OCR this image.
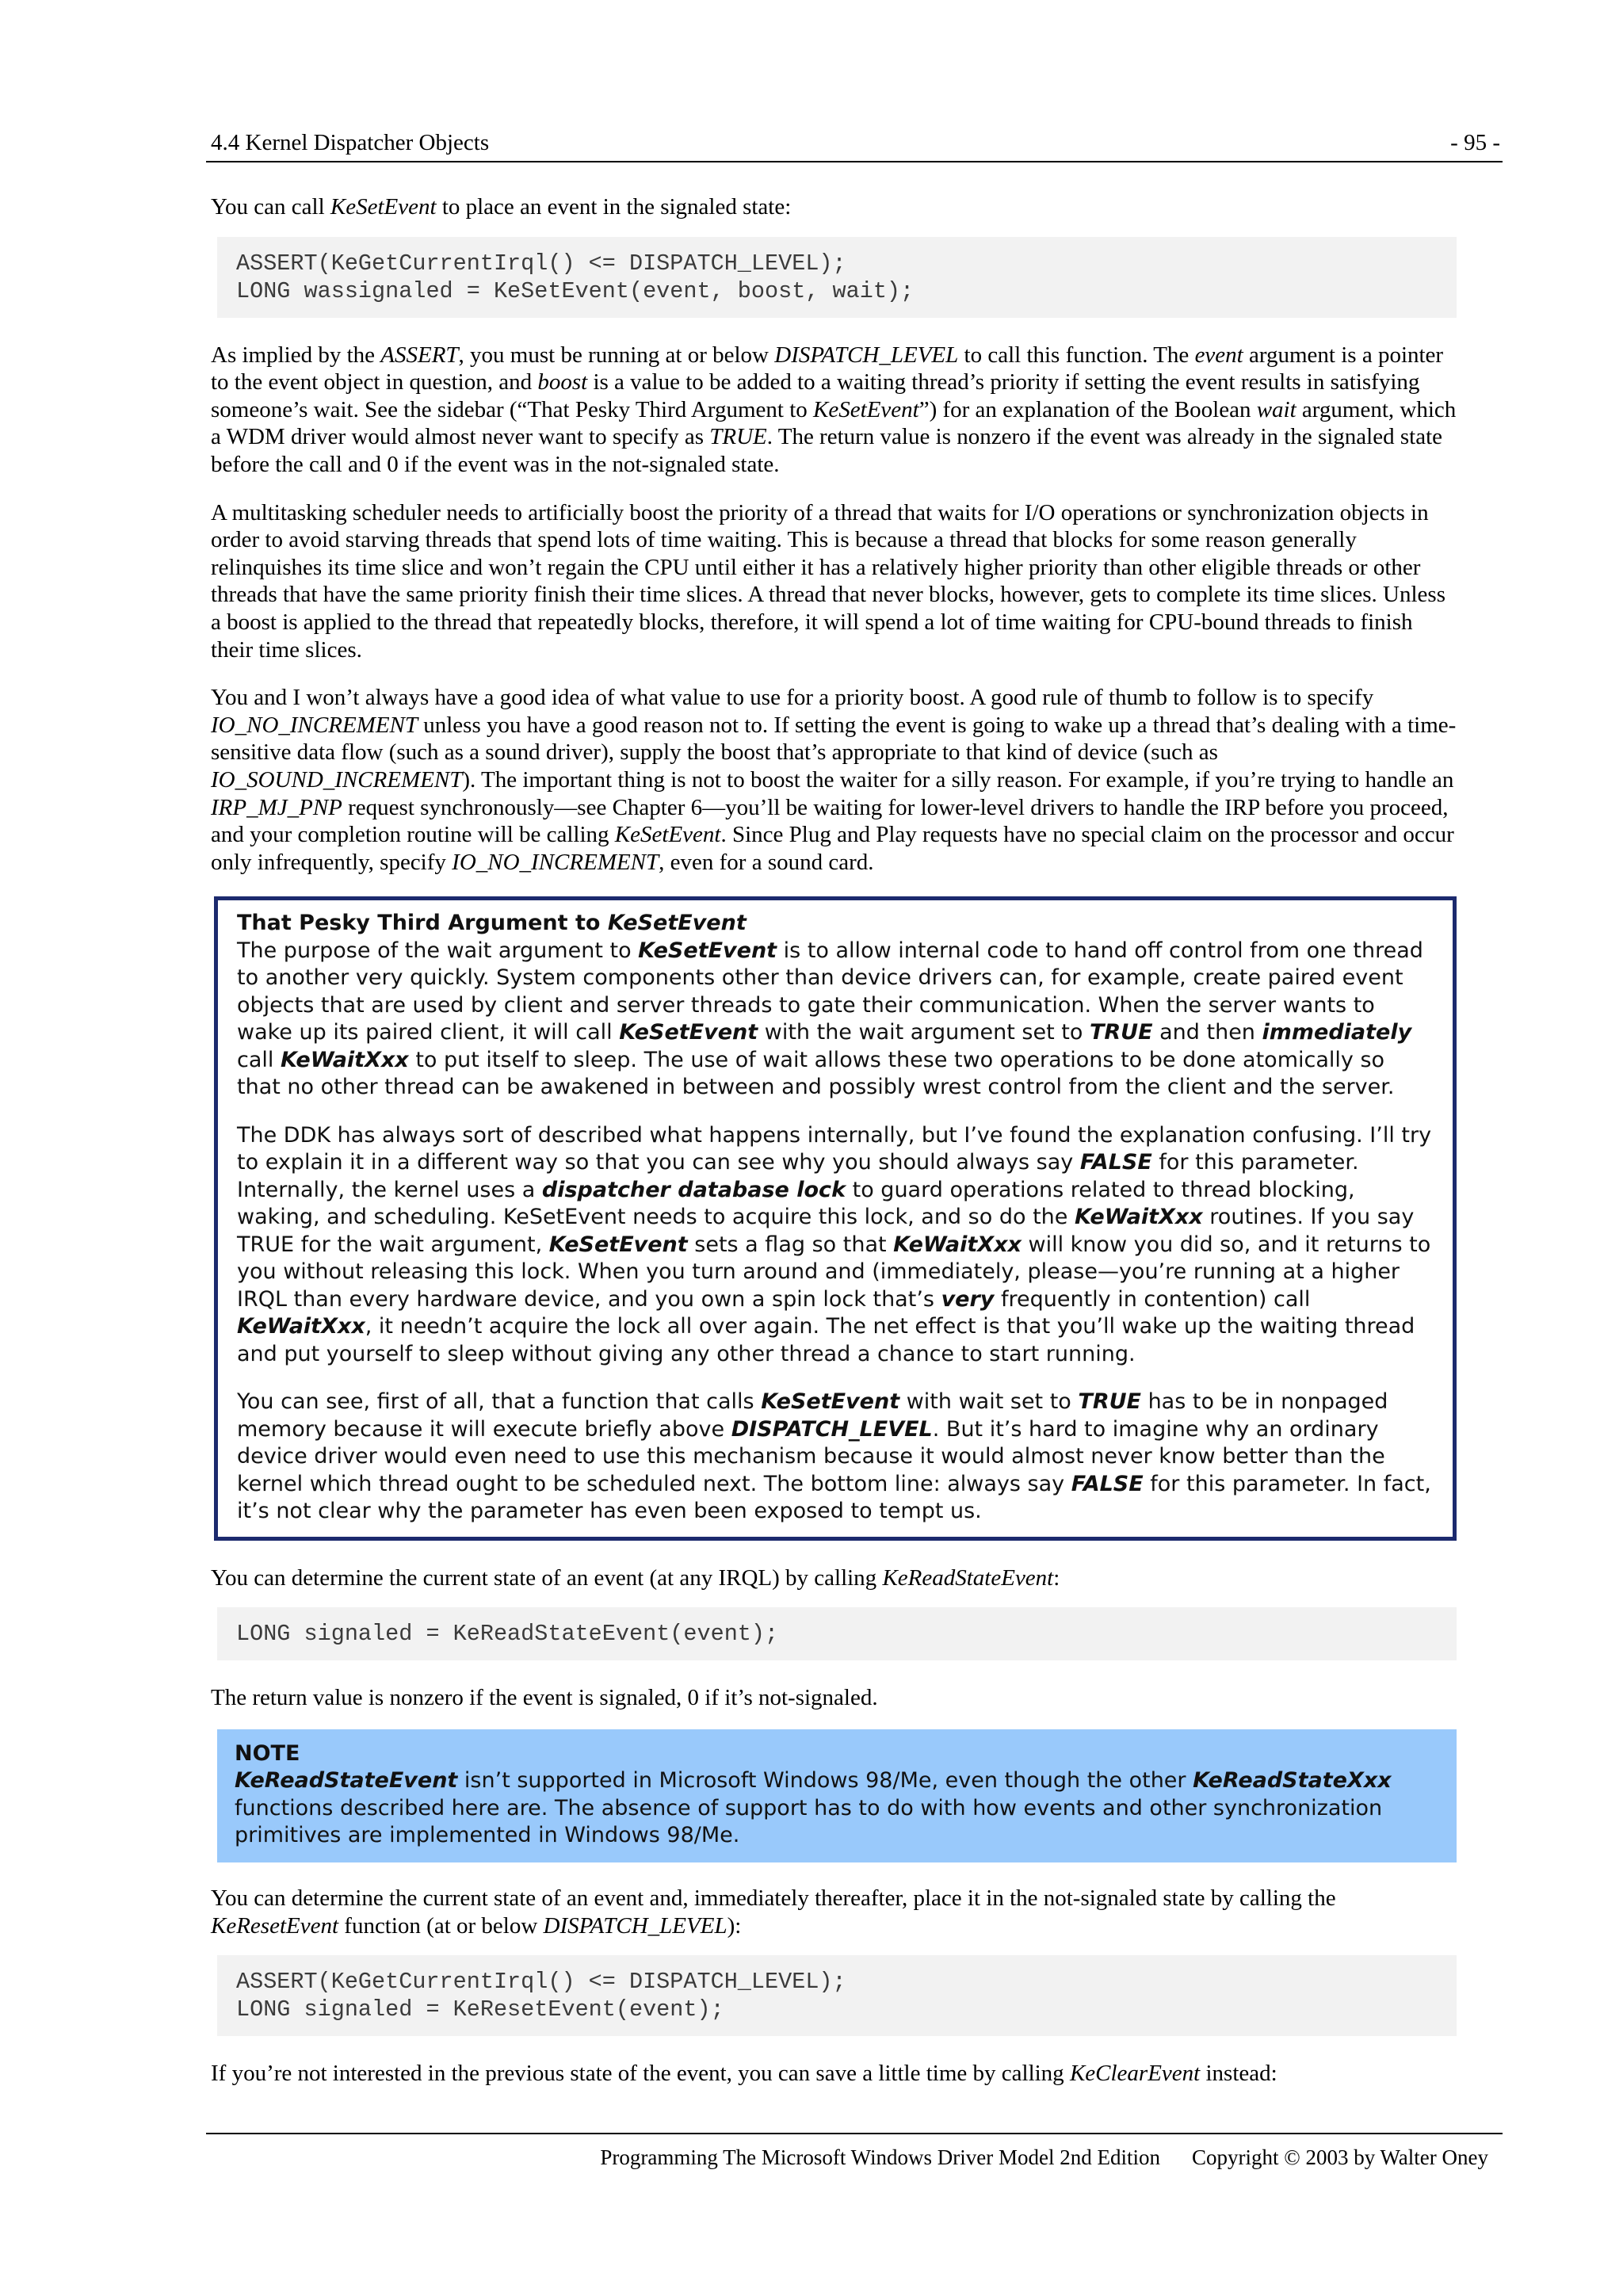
4.4 Kernel Dispatcher Objects	- 95 -

You can call KeSetEvent to place an event in the signaled state:

ASSERT(KeGetCurrentIrql() <= DISPATCH_LEVEL);
LONG wassignaled = KeSetEvent(event, boost, wait);

As implied by the ASSERT, you must be running at or below DISPATCH_LEVEL to call this function. The event argument is a pointer to the event object in question, and boost is a value to be added to a waiting thread’s priority if setting the event results in satisfying someone’s wait. See the sidebar (“That Pesky Third Argument to KeSetEvent”) for an explanation of the Boolean wait argument, which a WDM driver would almost never want to specify as TRUE. The return value is nonzero if the event was already in the signaled state before the call and 0 if the event was in the not-signaled state.

A multitasking scheduler needs to artificially boost the priority of a thread that waits for I/O operations or synchronization objects in order to avoid starving threads that spend lots of time waiting. This is because a thread that blocks for some reason generally relinquishes its time slice and won’t regain the CPU until either it has a relatively higher priority than other eligible threads or other threads that have the same priority finish their time slices. A thread that never blocks, however, gets to complete its time slices. Unless a boost is applied to the thread that repeatedly blocks, therefore, it will spend a lot of time waiting for CPU-bound threads to finish their time slices.

You and I won’t always have a good idea of what value to use for a priority boost. A good rule of thumb to follow is to specify IO_NO_INCREMENT unless you have a good reason not to. If setting the event is going to wake up a thread that’s dealing with a time-sensitive data flow (such as a sound driver), supply the boost that’s appropriate to that kind of device (such as IO_SOUND_INCREMENT). The important thing is not to boost the waiter for a silly reason. For example, if you’re trying to handle an IRP_MJ_PNP request synchronously—see Chapter 6—you’ll be waiting for lower-level drivers to handle the IRP before you proceed, and your completion routine will be calling KeSetEvent. Since Plug and Play requests have no special claim on the processor and occur only infrequently, specify IO_NO_INCREMENT, even for a sound card.

That Pesky Third Argument to KeSetEvent
The purpose of the wait argument to KeSetEvent is to allow internal code to hand off control from one thread to another very quickly. System components other than device drivers can, for example, create paired event objects that are used by client and server threads to gate their communication. When the server wants to wake up its paired client, it will call KeSetEvent with the wait argument set to TRUE and then immediately call KeWaitXxx to put itself to sleep. The use of wait allows these two operations to be done atomically so that no other thread can be awakened in between and possibly wrest control from the client and the server.
The DDK has always sort of described what happens internally, but I’ve found the explanation confusing. I’ll try to explain it in a different way so that you can see why you should always say FALSE for this parameter. Internally, the kernel uses a dispatcher database lock to guard operations related to thread blocking, waking, and scheduling. KeSetEvent needs to acquire this lock, and so do the KeWaitXxx routines. If you say TRUE for the wait argument, KeSetEvent sets a flag so that KeWaitXxx will know you did so, and it returns to you without releasing this lock. When you turn around and (immediately, please—you’re running at a higher IRQL than every hardware device, and you own a spin lock that’s very frequently in contention) call KeWaitXxx, it needn’t acquire the lock all over again. The net effect is that you’ll wake up the waiting thread and put yourself to sleep without giving any other thread a chance to start running.
You can see, first of all, that a function that calls KeSetEvent with wait set to TRUE has to be in nonpaged memory because it will execute briefly above DISPATCH_LEVEL. But it’s hard to imagine why an ordinary device driver would even need to use this mechanism because it would almost never know better than the kernel which thread ought to be scheduled next. The bottom line: always say FALSE for this parameter. In fact, it’s not clear why the parameter has even been exposed to tempt us.

You can determine the current state of an event (at any IRQL) by calling KeReadStateEvent:

LONG signaled = KeReadStateEvent(event);

The return value is nonzero if the event is signaled, 0 if it’s not-signaled.

NOTE
KeReadStateEvent isn’t supported in Microsoft Windows 98/Me, even though the other KeReadStateXxx functions described here are. The absence of support has to do with how events and other synchronization primitives are implemented in Windows 98/Me.

You can determine the current state of an event and, immediately thereafter, place it in the not-signaled state by calling the KeResetEvent function (at or below DISPATCH_LEVEL):

ASSERT(KeGetCurrentIrql() <= DISPATCH_LEVEL);
LONG signaled = KeResetEvent(event);

If you’re not interested in the previous state of the event, you can save a little time by calling KeClearEvent instead:

Programming The Microsoft Windows Driver Model 2nd Edition Copyright © 2003 by Walter Oney
